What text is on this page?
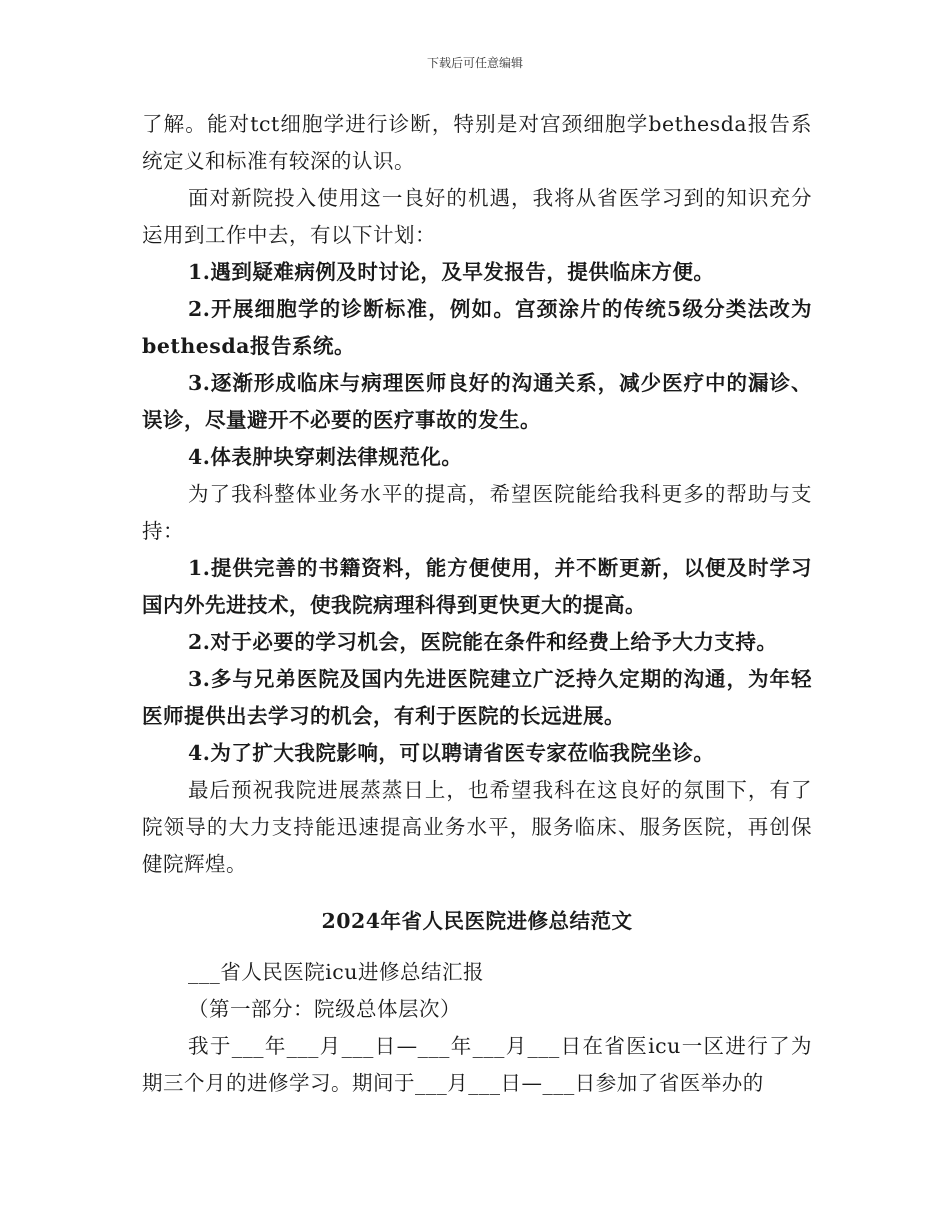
下载后可任意编辑

了解。能对tct细胞学进行诊断，特别是对宫颈细胞学bethesda报告系统定义和标准有较深的认识。

面对新院投入使用这一良好的机遇，我将从省医学习到的知识充分运用到工作中去，有以下计划：

1.遇到疑难病例及时讨论，及早发报告，提供临床方便。

2.开展细胞学的诊断标准，例如。宫颈涂片的传统5级分类法改为bethesda报告系统。

3.逐渐形成临床与病理医师良好的沟通关系，减少医疗中的漏诊、误诊，尽量避开不必要的医疗事故的发生。

4.体表肿块穿刺法律规范化。

为了我科整体业务水平的提高，希望医院能给我科更多的帮助与支持：

1.提供完善的书籍资料，能方便使用，并不断更新，以便及时学习国内外先进技术，使我院病理科得到更快更大的提高。

2.对于必要的学习机会，医院能在条件和经费上给予大力支持。

3.多与兄弟医院及国内先进医院建立广泛持久定期的沟通，为年轻医师提供出去学习的机会，有利于医院的长远进展。

4.为了扩大我院影响，可以聘请省医专家莅临我院坐诊。

最后预祝我院进展蒸蒸日上，也希望我科在这良好的氛围下，有了院领导的大力支持能迅速提高业务水平，服务临床、服务医院，再创保健院辉煌。

2024年省人民医院进修总结范文

___省人民医院icu进修总结汇报

（第一部分：院级总体层次）

我于___年___月___日—___年___月___日在省医icu一区进行了为期三个月的进修学习。期间于___月___日—___日参加了省医举办的
